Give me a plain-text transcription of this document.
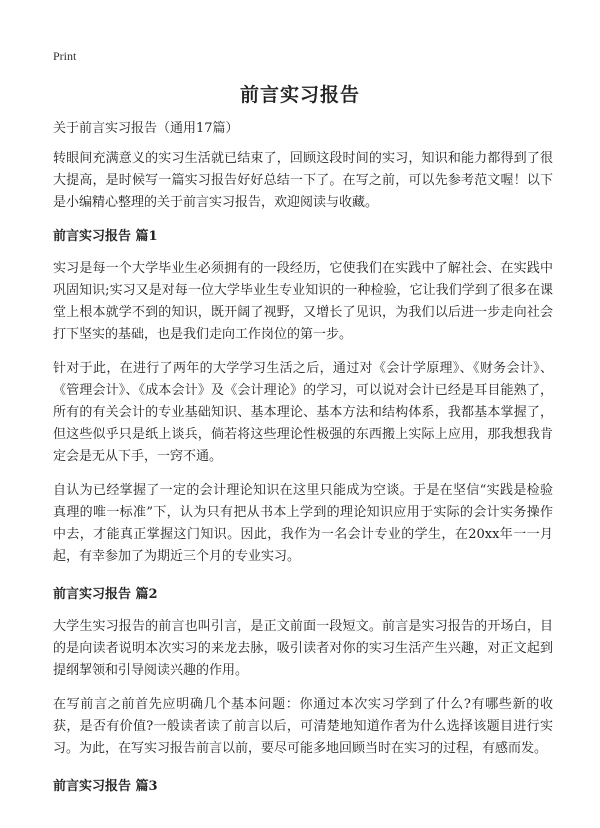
Print
前言实习报告
关于前言实习报告（通用17篇）

转眼间充满意义的实习生活就已结束了，回顾这段时间的实习，知识和能力都得到了很大提高，是时候写一篇实习报告好好总结一下了。在写之前，可以先参考范文喔！以下是小编精心整理的关于前言实习报告，欢迎阅读与收藏。

前言实习报告 篇1

实习是每一个大学毕业生必须拥有的一段经历，它使我们在实践中了解社会、在实践中巩固知识;实习又是对每一位大学毕业生专业知识的一种检验，它让我们学到了很多在课堂上根本就学不到的知识，既开阔了视野，又增长了见识，为我们以后进一步走向社会打下坚实的基础，也是我们走向工作岗位的第一步。

针对于此，在进行了两年的大学学习生活之后，通过对《会计学原理》、《财务会计》、《管理会计》、《成本会计》及《会计理论》的学习，可以说对会计已经是耳目能熟了，所有的有关会计的专业基础知识、基本理论、基本方法和结构体系，我都基本掌握了，但这些似乎只是纸上谈兵，倘若将这些理论性极强的东西搬上实际上应用，那我想我肯定会是无从下手，一窍不通。

自认为已经掌握了一定的会计理论知识在这里只能成为空谈。于是在坚信“实践是检验真理的唯一标准”下，认为只有把从书本上学到的理论知识应用于实际的会计实务操作中去，才能真正掌握这门知识。因此，我作为一名会计专业的学生，在20xx年一一月起，有幸参加了为期近三个月的专业实习。

前言实习报告 篇2

大学生实习报告的前言也叫引言，是正文前面一段短文。前言是实习报告的开场白，目的是向读者说明本次实习的来龙去脉，吸引读者对你的实习生活产生兴趣，对正文起到提纲挈领和引导阅读兴趣的作用。

在写前言之前首先应明确几个基本问题：你通过本次实习学到了什么?有哪些新的收获，是否有价值?一般读者读了前言以后，可清楚地知道作者为什么选择该题目进行实习。为此，在写实习报告前言以前，要尽可能多地回顾当时在实习的过程，有感而发。

前言实习报告 篇3
